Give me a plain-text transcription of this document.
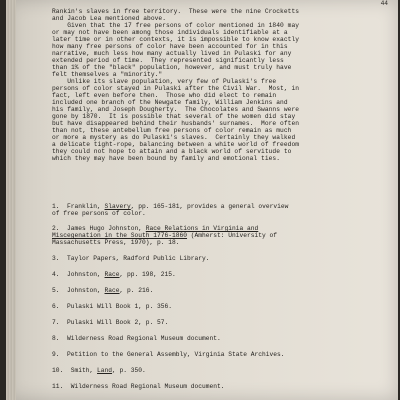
44
Rankin's slaves in free territory.  These were the nine Crocketts
and Jacob Lea mentioned above.
Given that the 17 free persons of color mentioned in 1840 may
or may not have been among those individuals identifiable at a
later time or in other contexts, it is impossible to know exactly
how many free persons of color have been accounted for in this
narrative, much less how many actually lived in Pulaski for any
extended period of time.  They represented significantly less
than 1% of the "black" population, however, and must truly have
felt themselves a "minority."
Unlike its slave population, very few of Pulaski's free
persons of color stayed in Pulaski after the Civil War.  Most, in
fact, left even before then.  Those who did elect to remain
included one branch of the Newgate family, William Jenkins and
his family, and Joseph Dougherty.  The Chocolates and Swanns were
gone by 1870.  It is possible that several of the women did stay
but have disappeared behind their husbands' surnames.  More often
than not, these antebellum free persons of color remain as much
or more a mystery as do Pulaski's slaves.  Certainly they walked
a delicate tight-rope, balancing between a white world of freedom
they could not hope to attain and a black world of servitude to
which they may have been bound by family and emotional ties.
1.  Franklin, Slavery, pp. 165-181, provides a general overview
of free persons of color.
2.  James Hugo Johnston, Race Relations in Virginia and
Miscegenation in the South 1776-1860 (Amherst: University of
Massachusetts Press, 1970), p. 18.
3.  Taylor Papers, Radford Public Library.
4.  Johnston, Race, pp. 198, 215.
5.  Johnston, Race, p. 216.
6.  Pulaski Will Book 1, p. 356.
7.  Pulaski Will Book 2, p. 57.
8.  Wilderness Road Regional Museum document.
9.  Petition to the General Assembly, Virginia State Archives.
10.  Smith, Land, p. 350.
11.  Wilderness Road Regional Museum document.
